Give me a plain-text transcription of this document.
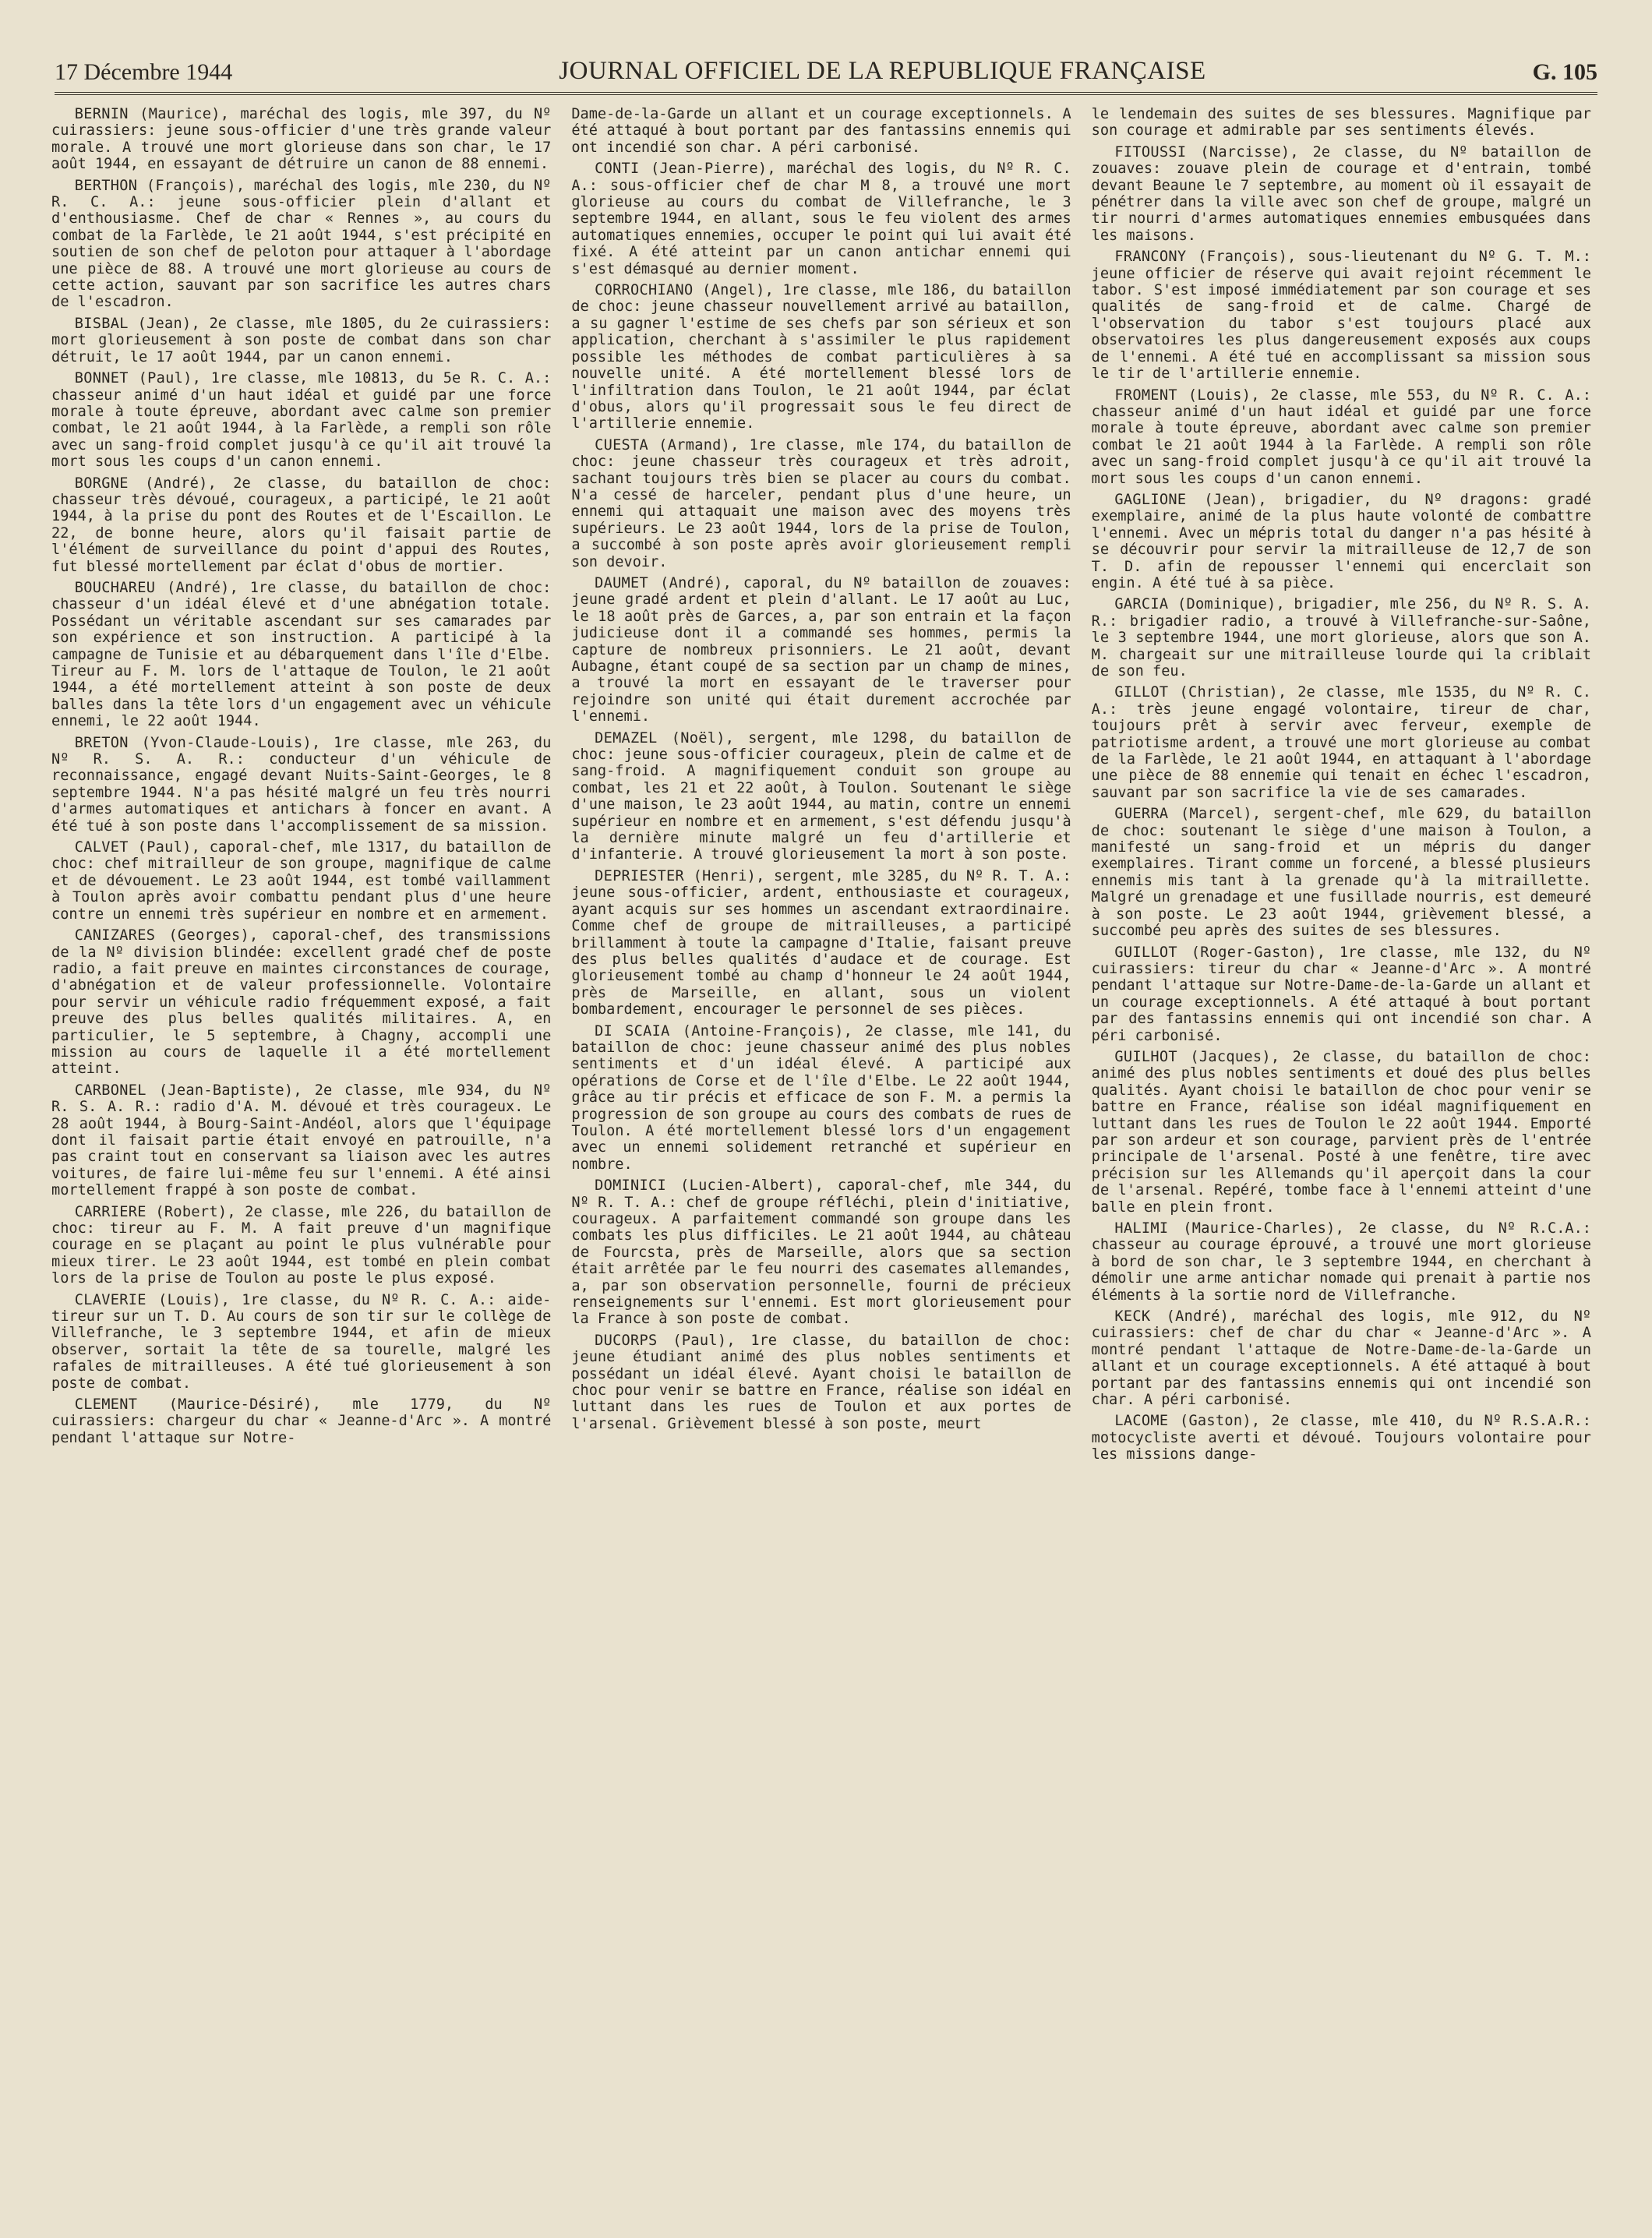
17 Décembre 1944	JOURNAL OFFICIEL DE LA REPUBLIQUE FRANÇAISE	G. 105

BERNIN (Maurice), maréchal des logis, mle 397, du Nº cuirassiers: jeune sous-officier d'une très grande valeur morale. A trouvé une mort glorieuse dans son char, le 17 août 1944, en essayant de détruire un canon de 88 ennemi.

BERTHON (François), maréchal des logis, mle 230, du Nº R. C. A.: jeune sous-officier plein d'allant et d'enthousiasme. Chef de char « Rennes », au cours du combat de la Farlède, le 21 août 1944, s'est précipité en soutien de son chef de peloton pour attaquer à l'abordage une pièce de 88. A trouvé une mort glorieuse au cours de cette action, sauvant par son sacrifice les autres chars de l'escadron.

BISBAL (Jean), 2e classe, mle 1805, du 2e cuirassiers: mort glorieusement à son poste de combat dans son char détruit, le 17 août 1944, par un canon ennemi.

BONNET (Paul), 1re classe, mle 10813, du 5e R. C. A.: chasseur animé d'un haut idéal et guidé par une force morale à toute épreuve, abordant avec calme son premier combat, le 21 août 1944, à la Farlède, a rempli son rôle avec un sang-froid complet jusqu'à ce qu'il ait trouvé la mort sous les coups d'un canon ennemi.

BORGNE (André), 2e classe, du bataillon de choc: chasseur très dévoué, courageux, a participé, le 21 août 1944, à la prise du pont des Routes et de l'Escaillon. Le 22, de bonne heure, alors qu'il faisait partie de l'élément de surveillance du point d'appui des Routes, fut blessé mortellement par éclat d'obus de mortier.

BOUCHAREU (André), 1re classe, du bataillon de choc: chasseur d'un idéal élevé et d'une abnégation totale. Possédant un véritable ascendant sur ses camarades par son expérience et son instruction. A participé à la campagne de Tunisie et au débarquement dans l'île d'Elbe. Tireur au F. M. lors de l'attaque de Toulon, le 21 août 1944, a été mortellement atteint à son poste de deux balles dans la tête lors d'un engagement avec un véhicule ennemi, le 22 août 1944.

BRETON (Yvon-Claude-Louis), 1re classe, mle 263, du Nº R. S. A. R.: conducteur d'un véhicule de reconnaissance, engagé devant Nuits-Saint-Georges, le 8 septembre 1944. N'a pas hésité malgré un feu très nourri d'armes automatiques et antichars à foncer en avant. A été tué à son poste dans l'accomplissement de sa mission.

CALVET (Paul), caporal-chef, mle 1317, du bataillon de choc: chef mitrailleur de son groupe, magnifique de calme et de dévouement. Le 23 août 1944, est tombé vaillamment à Toulon après avoir combattu pendant plus d'une heure contre un ennemi très supérieur en nombre et en armement.

CANIZARES (Georges), caporal-chef, des transmissions de la Nº division blindée: excellent gradé chef de poste radio, a fait preuve en maintes circonstances de courage, d'abnégation et de valeur professionnelle. Volontaire pour servir un véhicule radio fréquemment exposé, a fait preuve des plus belles qualités militaires. A, en particulier, le 5 septembre, à Chagny, accompli une mission au cours de laquelle il a été mortellement atteint.

CARBONEL (Jean-Baptiste), 2e classe, mle 934, du Nº R. S. A. R.: radio d'A. M. dévoué et très courageux. Le 28 août 1944, à Bourg-Saint-Andéol, alors que l'équipage dont il faisait partie était envoyé en patrouille, n'a pas craint tout en conservant sa liaison avec les autres voitures, de faire lui-même feu sur l'ennemi. A été ainsi mortellement frappé à son poste de combat.

CARRIERE (Robert), 2e classe, mle 226, du bataillon de choc: tireur au F. M. A fait preuve d'un magnifique courage en se plaçant au point le plus vulnérable pour mieux tirer. Le 23 août 1944, est tombé en plein combat lors de la prise de Toulon au poste le plus exposé.

CLAVERIE (Louis), 1re classe, du Nº R. C. A.: aide-tireur sur un T. D. Au cours de son tir sur le collège de Villefranche, le 3 septembre 1944, et afin de mieux observer, sortait la tête de sa tourelle, malgré les rafales de mitrailleuses. A été tué glorieusement à son poste de combat.

CLEMENT (Maurice-Désiré), mle 1779, du Nº cuirassiers: chargeur du char « Jeanne-d'Arc ». A montré pendant l'attaque sur Notre-

Dame-de-la-Garde un allant et un courage exceptionnels. A été attaqué à bout portant par des fantassins ennemis qui ont incendié son char. A péri carbonisé.

CONTI (Jean-Pierre), maréchal des logis, du Nº R. C. A.: sous-officier chef de char M 8, a trouvé une mort glorieuse au cours du combat de Villefranche, le 3 septembre 1944, en allant, sous le feu violent des armes automatiques ennemies, occuper le point qui lui avait été fixé. A été atteint par un canon antichar ennemi qui s'est démasqué au dernier moment.

CORROCHIANO (Angel), 1re classe, mle 186, du bataillon de choc: jeune chasseur nouvellement arrivé au bataillon, a su gagner l'estime de ses chefs par son sérieux et son application, cherchant à s'assimiler le plus rapidement possible les méthodes de combat particulières à sa nouvelle unité. A été mortellement blessé lors de l'infiltration dans Toulon, le 21 août 1944, par éclat d'obus, alors qu'il progressait sous le feu direct de l'artillerie ennemie.

CUESTA (Armand), 1re classe, mle 174, du bataillon de choc: jeune chasseur très courageux et très adroit, sachant toujours très bien se placer au cours du combat. N'a cessé de harceler, pendant plus d'une heure, un ennemi qui attaquait une maison avec des moyens très supérieurs. Le 23 août 1944, lors de la prise de Toulon, a succombé à son poste après avoir glorieusement rempli son devoir.

DAUMET (André), caporal, du Nº bataillon de zouaves: jeune gradé ardent et plein d'allant. Le 17 août au Luc, le 18 août près de Garces, a, par son entrain et la façon judicieuse dont il a commandé ses hommes, permis la capture de nombreux prisonniers. Le 21 août, devant Aubagne, étant coupé de sa section par un champ de mines, a trouvé la mort en essayant de le traverser pour rejoindre son unité qui était durement accrochée par l'ennemi.

DEMAZEL (Noël), sergent, mle 1298, du bataillon de choc: jeune sous-officier courageux, plein de calme et de sang-froid. A magnifiquement conduit son groupe au combat, les 21 et 22 août, à Toulon. Soutenant le siège d'une maison, le 23 août 1944, au matin, contre un ennemi supérieur en nombre et en armement, s'est défendu jusqu'à la dernière minute malgré un feu d'artillerie et d'infanterie. A trouvé glorieusement la mort à son poste.

DEPRIESTER (Henri), sergent, mle 3285, du Nº R. T. A.: jeune sous-officier, ardent, enthousiaste et courageux, ayant acquis sur ses hommes un ascendant extraordinaire. Comme chef de groupe de mitrailleuses, a participé brillamment à toute la campagne d'Italie, faisant preuve des plus belles qualités d'audace et de courage. Est glorieusement tombé au champ d'honneur le 24 août 1944, près de Marseille, en allant, sous un violent bombardement, encourager le personnel de ses pièces.

DI SCAIA (Antoine-François), 2e classe, mle 141, du bataillon de choc: jeune chasseur animé des plus nobles sentiments et d'un idéal élevé. A participé aux opérations de Corse et de l'île d'Elbe. Le 22 août 1944, grâce au tir précis et efficace de son F. M. a permis la progression de son groupe au cours des combats de rues de Toulon. A été mortellement blessé lors d'un engagement avec un ennemi solidement retranché et supérieur en nombre.

DOMINICI (Lucien-Albert), caporal-chef, mle 344, du Nº R. T. A.: chef de groupe réfléchi, plein d'initiative, courageux. A parfaitement commandé son groupe dans les combats les plus difficiles. Le 21 août 1944, au château de Fourcsta, près de Marseille, alors que sa section était arrêtée par le feu nourri des casemates allemandes, a, par son observation personnelle, fourni de précieux renseignements sur l'ennemi. Est mort glorieusement pour la France à son poste de combat.

DUCORPS (Paul), 1re classe, du bataillon de choc: jeune étudiant animé des plus nobles sentiments et possédant un idéal élevé. Ayant choisi le bataillon de choc pour venir se battre en France, réalise son idéal en luttant dans les rues de Toulon et aux portes de l'arsenal. Grièvement blessé à son poste, meurt

le lendemain des suites de ses blessures. Magnifique par son courage et admirable par ses sentiments élevés.

FITOUSSI (Narcisse), 2e classe, du Nº bataillon de zouaves: zouave plein de courage et d'entrain, tombé devant Beaune le 7 septembre, au moment où il essayait de pénétrer dans la ville avec son chef de groupe, malgré un tir nourri d'armes automatiques ennemies embusquées dans les maisons.

FRANCONY (François), sous-lieutenant du Nº G. T. M.: jeune officier de réserve qui avait rejoint récemment le tabor. S'est imposé immédiatement par son courage et ses qualités de sang-froid et de calme. Chargé de l'observation du tabor s'est toujours placé aux observatoires les plus dangereusement exposés aux coups de l'ennemi. A été tué en accomplissant sa mission sous le tir de l'artillerie ennemie.

FROMENT (Louis), 2e classe, mle 553, du Nº R. C. A.: chasseur animé d'un haut idéal et guidé par une force morale à toute épreuve, abordant avec calme son premier combat le 21 août 1944 à la Farlède. A rempli son rôle avec un sang-froid complet jusqu'à ce qu'il ait trouvé la mort sous les coups d'un canon ennemi.

GAGLIONE (Jean), brigadier, du Nº dragons: gradé exemplaire, animé de la plus haute volonté de combattre l'ennemi. Avec un mépris total du danger n'a pas hésité à se découvrir pour servir la mitrailleuse de 12,7 de son T. D. afin de repousser l'ennemi qui encerclait son engin. A été tué à sa pièce.

GARCIA (Dominique), brigadier, mle 256, du Nº R. S. A. R.: brigadier radio, a trouvé à Villefranche-sur-Saône, le 3 septembre 1944, une mort glorieuse, alors que son A. M. chargeait sur une mitrailleuse lourde qui la criblait de son feu.

GILLOT (Christian), 2e classe, mle 1535, du Nº R. C. A.: très jeune engagé volontaire, tireur de char, toujours prêt à servir avec ferveur, exemple de patriotisme ardent, a trouvé une mort glorieuse au combat de la Farlède, le 21 août 1944, en attaquant à l'abordage une pièce de 88 ennemie qui tenait en échec l'escadron, sauvant par son sacrifice la vie de ses camarades.

GUERRA (Marcel), sergent-chef, mle 629, du bataillon de choc: soutenant le siège d'une maison à Toulon, a manifesté un sang-froid et un mépris du danger exemplaires. Tirant comme un forcené, a blessé plusieurs ennemis mis tant à la grenade qu'à la mitraillette. Malgré un grenadage et une fusillade nourris, est demeuré à son poste. Le 23 août 1944, grièvement blessé, a succombé peu après des suites de ses blessures.

GUILLOT (Roger-Gaston), 1re classe, mle 132, du Nº cuirassiers: tireur du char « Jeanne-d'Arc ». A montré pendant l'attaque sur Notre-Dame-de-la-Garde un allant et un courage exceptionnels. A été attaqué à bout portant par des fantassins ennemis qui ont incendié son char. A péri carbonisé.

GUILHOT (Jacques), 2e classe, du bataillon de choc: animé des plus nobles sentiments et doué des plus belles qualités. Ayant choisi le bataillon de choc pour venir se battre en France, réalise son idéal magnifiquement en luttant dans les rues de Toulon le 22 août 1944. Emporté par son ardeur et son courage, parvient près de l'entrée principale de l'arsenal. Posté à une fenêtre, tire avec précision sur les Allemands qu'il aperçoit dans la cour de l'arsenal. Repéré, tombe face à l'ennemi atteint d'une balle en plein front.

HALIMI (Maurice-Charles), 2e classe, du Nº R.C.A.: chasseur au courage éprouvé, a trouvé une mort glorieuse à bord de son char, le 3 septembre 1944, en cherchant à démolir une arme antichar nomade qui prenait à partie nos éléments à la sortie nord de Villefranche.

KECK (André), maréchal des logis, mle 912, du Nº cuirassiers: chef de char du char « Jeanne-d'Arc ». A montré pendant l'attaque de Notre-Dame-de-la-Garde un allant et un courage exceptionnels. A été attaqué à bout portant par des fantassins ennemis qui ont incendié son char. A péri carbonisé.

LACOME (Gaston), 2e classe, mle 410, du Nº R.S.A.R.: motocycliste averti et dévoué. Toujours volontaire pour les missions dange-
